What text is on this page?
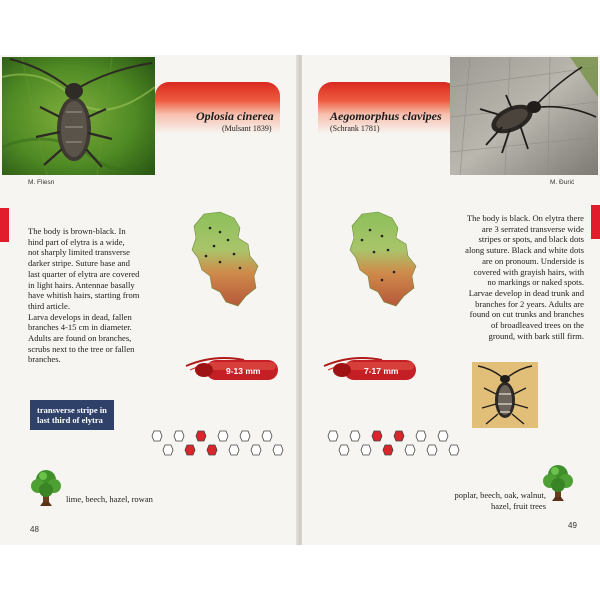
M. Fliesn
Oplosia cinerea
(Mulsant 1839)
The body is brown-black. In
hind part of elytra is a wide,
not sharply limited transverse
darker stripe. Suture base and
last quarter of elytra are covered
in light hairs. Antennae basally
have whitish hairs, starting from
third article.
Larva develops in dead, fallen
branches 4-15 cm in diameter.
Adults are found on branches,
scrubs next to the tree or fallen
branches.
9-13 mm
transverse stripe in
last third of elytra
lime, beech, hazel, rowan
48
Aegomorphus clavipes
(Schrank 1781)
M. Đurić
The body is black. On elytra there
are 3 serrated transverse wide
stripes or spots, and black dots
along suture. Black and white dots
are on pronoum. Underside is
covered with grayish hairs, with
no markings or naked spots.
Larvae develop in dead trunk and
branches for 2 years. Adults are
found on cut trunks and branches
of broadleaved trees on the
ground, with bark still firm.
7-17 mm
poplar, beech, oak, walnut,
hazel, fruit trees
49
